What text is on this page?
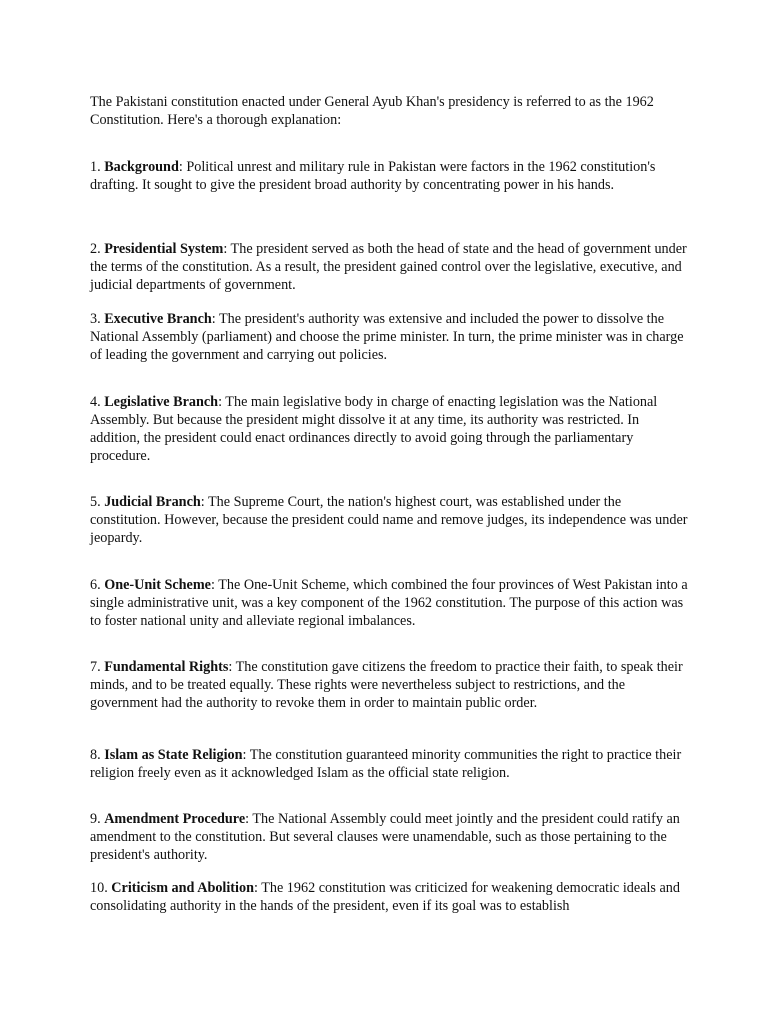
The Pakistani constitution enacted under General Ayub Khan's presidency is referred to as the 1962 Constitution. Here's a thorough explanation:

1. Background: Political unrest and military rule in Pakistan were factors in the 1962 constitution's drafting. It sought to give the president broad authority by concentrating power in his hands.

2. Presidential System: The president served as both the head of state and the head of government under the terms of the constitution. As a result, the president gained control over the legislative, executive, and judicial departments of government.

3. Executive Branch: The president's authority was extensive and included the power to dissolve the National Assembly (parliament) and choose the prime minister. In turn, the prime minister was in charge of leading the government and carrying out policies.

4. Legislative Branch: The main legislative body in charge of enacting legislation was the National Assembly. But because the president might dissolve it at any time, its authority was restricted. In addition, the president could enact ordinances directly to avoid going through the parliamentary procedure.

5. Judicial Branch: The Supreme Court, the nation's highest court, was established under the constitution. However, because the president could name and remove judges, its independence was under jeopardy.

6. One-Unit Scheme: The One-Unit Scheme, which combined the four provinces of West Pakistan into a single administrative unit, was a key component of the 1962 constitution. The purpose of this action was to foster national unity and alleviate regional imbalances.

7. Fundamental Rights: The constitution gave citizens the freedom to practice their faith, to speak their minds, and to be treated equally. These rights were nevertheless subject to restrictions, and the government had the authority to revoke them in order to maintain public order.

8. Islam as State Religion: The constitution guaranteed minority communities the right to practice their religion freely even as it acknowledged Islam as the official state religion.

9. Amendment Procedure: The National Assembly could meet jointly and the president could ratify an amendment to the constitution. But several clauses were unamendable, such as those pertaining to the president's authority.

10. Criticism and Abolition: The 1962 constitution was criticized for weakening democratic ideals and consolidating authority in the hands of the president, even if its goal was to establish
